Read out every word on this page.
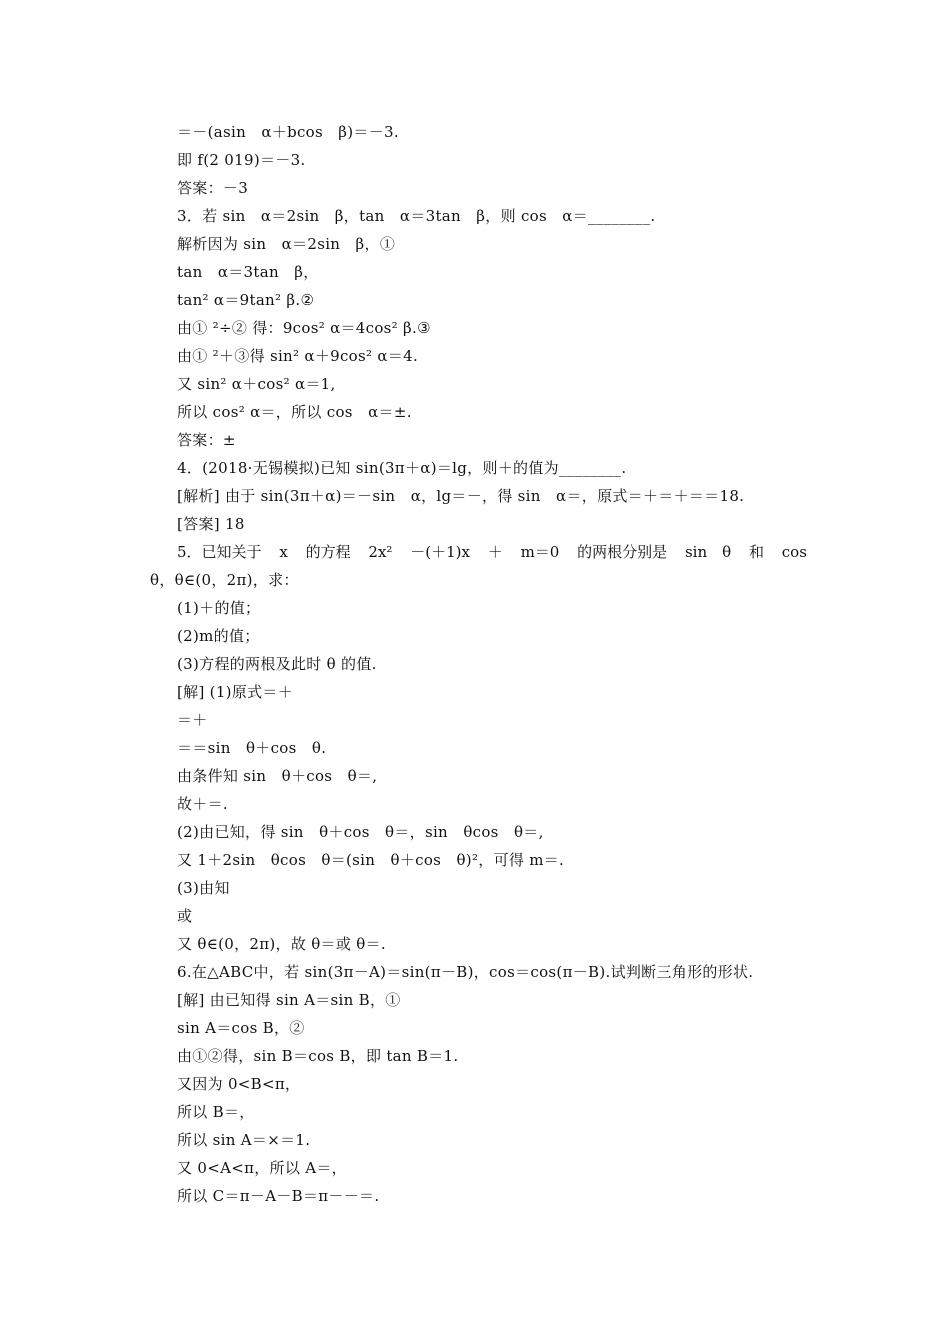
＝－(asin　α＋bcos　β)＝－3.
即 f(2 019)＝－3.
答案：－3
3．若 sin　α＝2sin　β，tan　α＝3tan　β，则 cos　α＝________.
解析因为 sin　α＝2sin　β，①
tan　α＝3tan　β，
tan² α＝9tan² β.②
由① ²÷② 得：9cos² α＝4cos² β.③
由① ²＋③得 sin² α＋9cos² α＝4.
又 sin² α＋cos² α＝1,
所以 cos² α＝，所以 cos　α＝±.
答案：±
4．(2018·无锡模拟)已知 sin(3π＋α)＝lg，则＋的值为________.
[解析] 由于 sin(3π＋α)＝－sin　α，lg＝－，得 sin　α＝，原式＝＋＝＋＝＝18.
[答案] 18
5．已知关于 x 的方程 2x² －(＋1)x ＋ m＝0 的两根分别是 sin　θ 和 cos
θ，θ∈(0，2π)，求：
(1)＋的值；
(2)m的值；
(3)方程的两根及此时 θ 的值.
[解] (1)原式＝＋
＝＋
＝＝sin　θ＋cos　θ.
由条件知 sin　θ＋cos　θ＝,
故＋＝.
(2)由已知，得 sin　θ＋cos　θ＝，sin　θcos　θ＝,
又 1＋2sin　θcos　θ＝(sin　θ＋cos　θ)²，可得 m＝.
(3)由知
或
又 θ∈(0，2π)，故 θ＝或 θ＝.
6.在△ABC中，若 sin(3π－A)＝sin(π－B)，cos＝cos(π－B).试判断三角形的形状.
[解] 由已知得 sin A＝sin B，①
sin A＝cos B，②
由①②得，sin B＝cos B，即 tan B＝1.
又因为 0<B<π，
所以 B＝，
所以 sin A＝×＝1.
又 0<A<π，所以 A＝，
所以 C＝π－A－B＝π－－＝.
